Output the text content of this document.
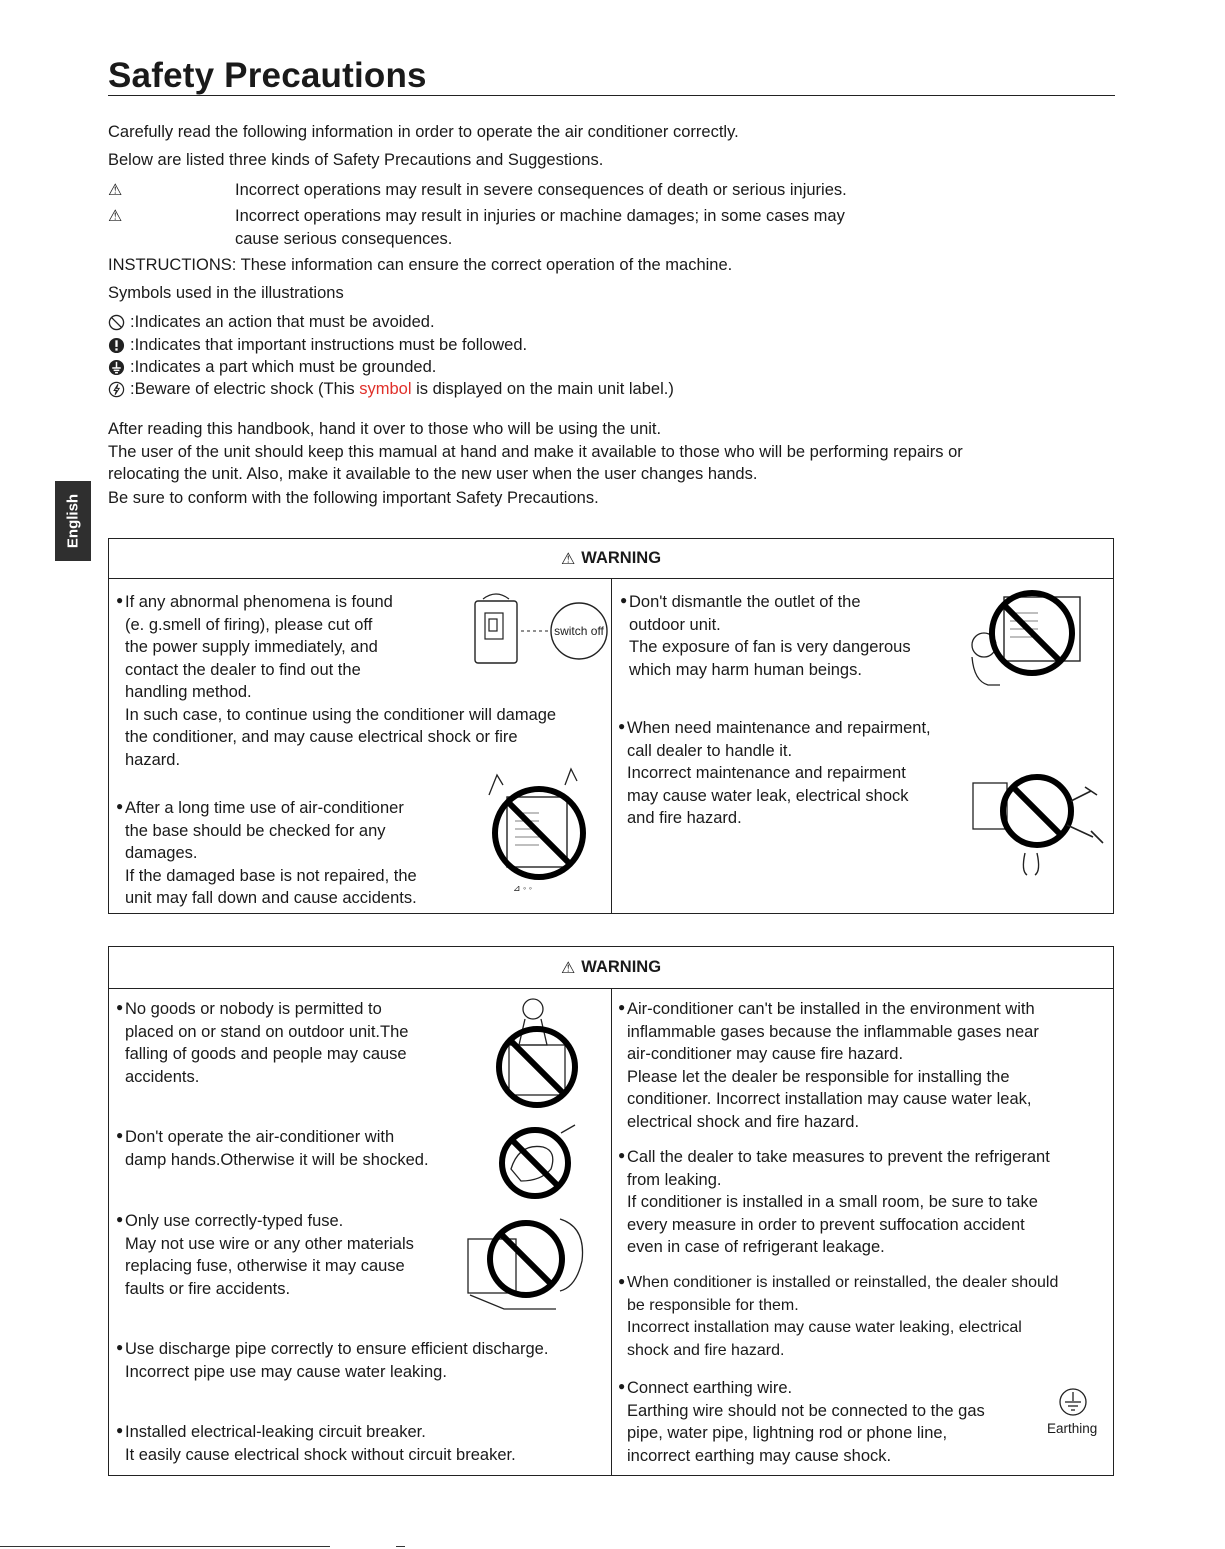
Safety Precautions
English
Carefully read the following information in order to operate the air conditioner correctly.
Below are listed three kinds of Safety Precautions and Suggestions.
⚠	Incorrect operations may result in severe consequences of death or serious injuries.
⚠	Incorrect operations may result in injuries or machine damages; in some cases may
cause serious consequences.
INSTRUCTIONS: These information can ensure the correct operation of the machine.
Symbols used in the illustrations
:Indicates an action that must be avoided.
:Indicates that important instructions must be followed.
:Indicates a part which must be grounded.
:Beware of electric shock (This symbol is displayed on the main unit label.)
After reading this handbook, hand it over to those who will be using the unit.
The user of the unit should keep this mamual at hand and make it available to those who will be performing repairs or
relocating the unit. Also, make it available to the new user when the user changes hands.
Be sure to conform with the following important Safety Precautions.
⚠ WARNING
● If any abnormal phenomena is found
(e. g.smell of firing), please cut off
the power supply immediately, and
contact the dealer to find out the
handling method.
In such case, to continue using the conditioner will damage
the conditioner, and may cause electrical shock or fire
hazard.
● After a long time use of air-conditioner
the base should be checked for any
damages.
If the damaged base is not repaired, the
unit may fall down and cause accidents.
● Don't dismantle the outlet of the
outdoor unit.
The exposure of fan is very dangerous
which may harm human beings.
● When need maintenance and repairment,
call dealer to handle it.
Incorrect maintenance and repairment
may cause water leak, electrical shock
and fire hazard.
switch off
⊿ ◦ ◦
⚠ WARNING
● No goods or nobody is permitted to
placed on or stand on outdoor unit.The
falling of goods and people may cause
accidents.
● Don't operate the air-conditioner with
damp hands.Otherwise it will be shocked.
● Only use correctly-typed fuse.
May not use wire or any other materials
replacing fuse, otherwise it may cause
faults or fire accidents.
● Use discharge pipe correctly to ensure efficient discharge.
Incorrect pipe use may cause water leaking.
● Installed electrical-leaking circuit breaker.
It easily cause electrical shock without circuit breaker.
● Air-conditioner can't be installed in the environment with
inflammable gases because the inflammable gases near
air-conditioner may cause fire hazard.
Please let the dealer be responsible for installing the
conditioner. Incorrect installation may cause water leak,
electrical shock and fire hazard.
● Call the dealer to take measures to prevent the refrigerant
from leaking.
If conditioner is installed in a small room, be sure to take
every measure in order to prevent suffocation accident
even in case of refrigerant leakage.
● When conditioner is installed or reinstalled, the dealer should
be responsible for them.
Incorrect installation may cause water leaking, electrical
shock and fire hazard.
● Connect earthing wire.
Earthing wire should not be connected to the gas
pipe, water pipe, lightning rod or phone line,
incorrect earthing may cause shock.
Earthing
